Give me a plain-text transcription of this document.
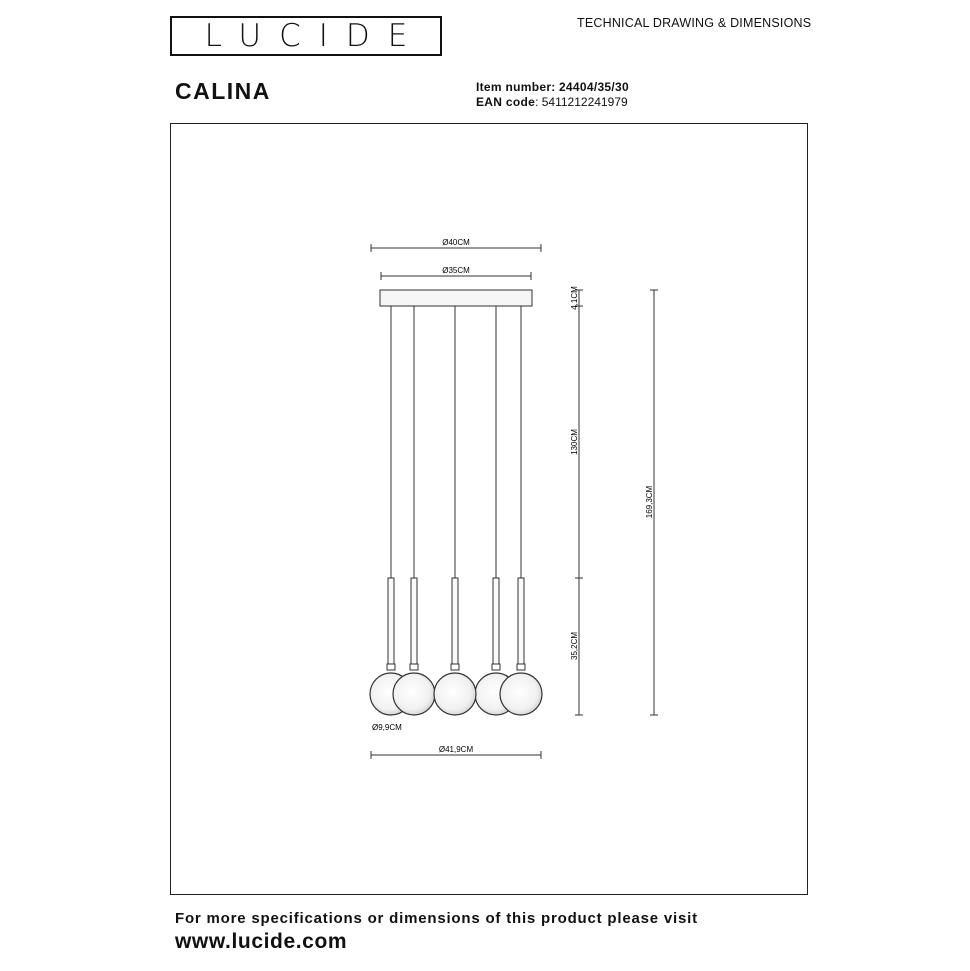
LUCIDE	TECHNICAL DRAWING & DIMENSIONS
CALINA	Item number: 24404/35/30
EAN code: 5411212241979
Ø40CM
Ø35CM
Ø9,9CM
Ø41,9CM
4,1CM
130CM
35,2CM
169,3CM
For more specifications or dimensions of this product please visit
www.lucide.com
